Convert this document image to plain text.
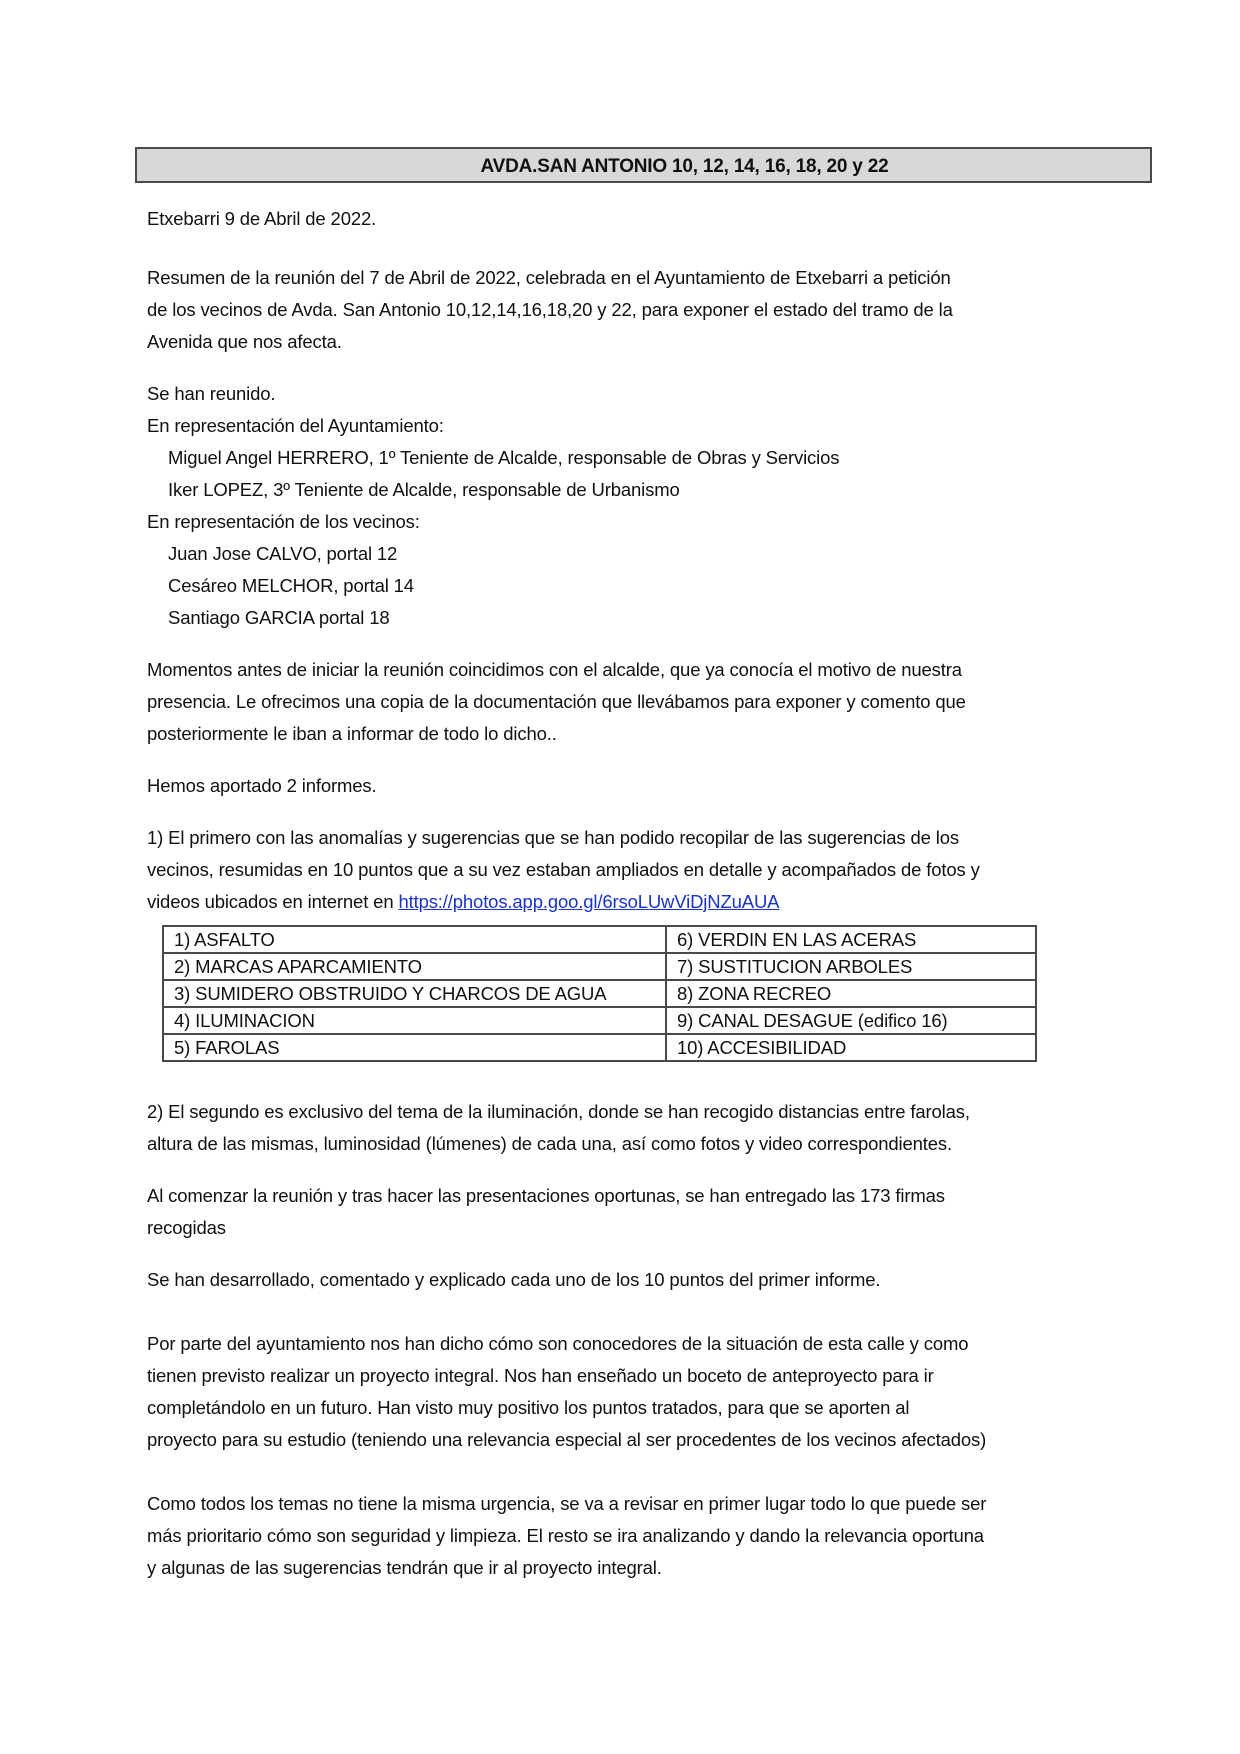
AVDA.SAN ANTONIO 10, 12, 14, 16, 18, 20 y 22
Etxebarri 9 de Abril de 2022.
Resumen de la reunión del 7 de Abril de 2022, celebrada en el Ayuntamiento de Etxebarri a petición
de los vecinos de Avda. San Antonio 10,12,14,16,18,20 y 22, para exponer el estado del tramo de la
Avenida que nos afecta.
Se han reunido.
En representación del Ayuntamiento:
Miguel Angel HERRERO, 1º Teniente de Alcalde, responsable de Obras y Servicios
Iker LOPEZ, 3º Teniente de Alcalde, responsable de Urbanismo
En representación de los vecinos:
Juan Jose CALVO, portal 12
Cesáreo MELCHOR, portal 14
Santiago GARCIA portal 18
Momentos antes de iniciar la reunión coincidimos con el alcalde, que ya conocía el motivo de nuestra
presencia. Le ofrecimos una copia de la documentación que llevábamos para exponer y comento que
posteriormente le iban a informar de todo lo dicho..
Hemos aportado 2 informes.
1) El primero con las anomalías y sugerencias que se han podido recopilar de las sugerencias de los
vecinos, resumidas en 10 puntos que a su vez estaban ampliados en detalle y acompañados de fotos y
videos ubicados en internet en https://photos.app.goo.gl/6rsoLUwViDjNZuAUA
1) ASFALTO	6) VERDIN EN LAS ACERAS
2) MARCAS APARCAMIENTO	7) SUSTITUCION ARBOLES
3) SUMIDERO OBSTRUIDO Y CHARCOS DE AGUA	8) ZONA RECREO
4) ILUMINACION	9) CANAL DESAGUE (edifico 16)
5) FAROLAS	10) ACCESIBILIDAD
2) El segundo es exclusivo del tema de la iluminación, donde se han recogido distancias entre farolas,
altura de las mismas, luminosidad (lúmenes) de cada una, así como fotos y video correspondientes.
Al comenzar la reunión y tras hacer las presentaciones oportunas, se han entregado las 173 firmas
recogidas
Se han desarrollado, comentado y explicado cada uno de los 10 puntos del primer informe.
Por parte del ayuntamiento nos han dicho cómo son conocedores de la situación de esta calle y como
tienen previsto realizar un proyecto integral. Nos han enseñado un boceto de anteproyecto para ir
completándolo en un futuro. Han visto muy positivo los puntos tratados, para que se aporten al
proyecto para su estudio (teniendo una relevancia especial al ser procedentes de los vecinos afectados)
Como todos los temas no tiene la misma urgencia, se va a revisar en primer lugar todo lo que puede ser
más prioritario cómo son seguridad y limpieza. El resto se ira analizando y dando la relevancia oportuna
y algunas de las sugerencias tendrán que ir al proyecto integral.
